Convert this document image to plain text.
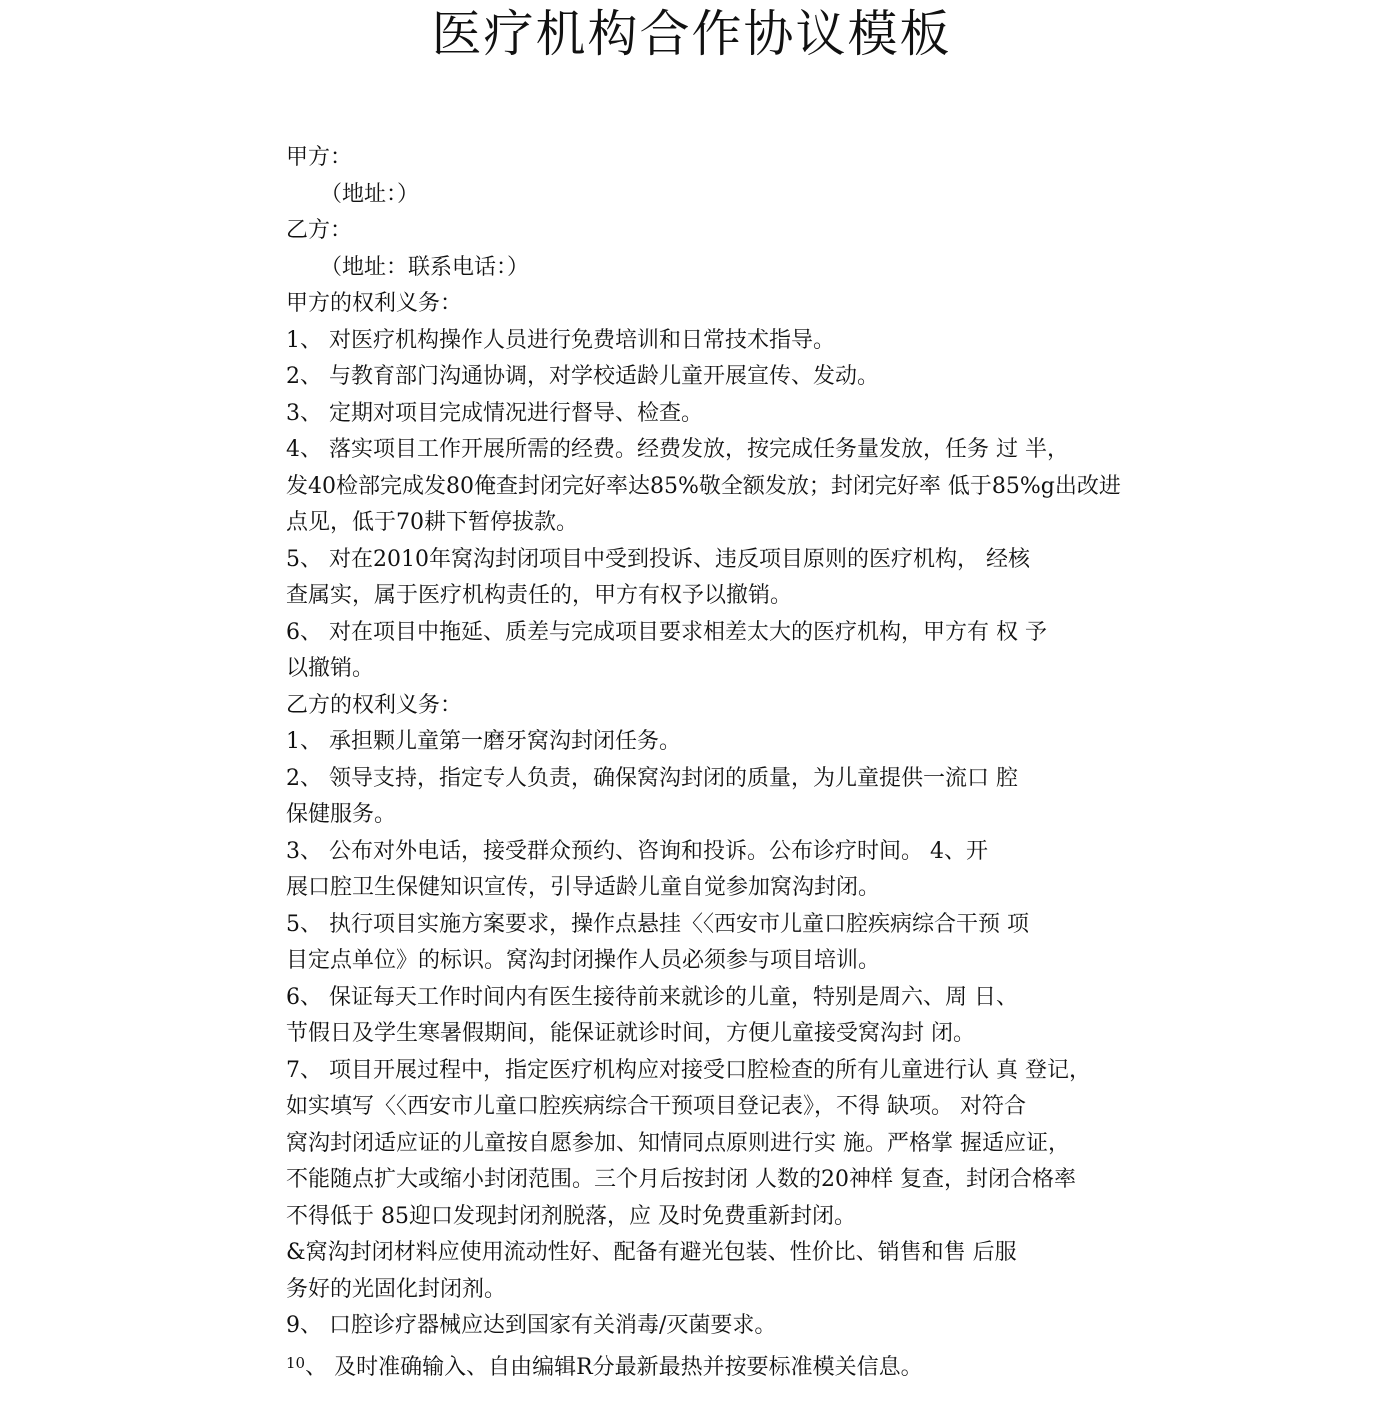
医疗机构合作协议模板
甲方：
（地址：）
乙方：
（地址：联系电话：）
甲方的权利义务：
1、 对医疗机构操作人员进行免费培训和日常技术指导。
2、 与教育部门沟通协调，对学校适龄儿童开展宣传、发动。
3、 定期对项目完成情况进行督导、检查。
4、 落实项目工作开展所需的经费。经费发放，按完成任务量发放，任务 过 半，
发40检部完成发80俺查封闭完好率达85%敬全额发放；封闭完好率 低于85%g出改进
点见，低于70耕下暂停拔款。
5、 对在2010年窝沟封闭项目中受到投诉、违反项目原则的医疗机构， 经核
查属实，属于医疗机构责任的，甲方有权予以撤销。
6、 对在项目中拖延、质差与完成项目要求相差太大的医疗机构，甲方有 权 予
以撤销。
乙方的权利义务：
1、 承担颗儿童第一磨牙窝沟封闭任务。
2、 领导支持，指定专人负责，确保窝沟封闭的质量，为儿童提供一流口 腔
保健服务。
3、 公布对外电话，接受群众预约、咨询和投诉。公布诊疗时间。 4、开
展口腔卫生保健知识宣传，引导适龄儿童自觉参加窝沟封闭。
5、 执行项目实施方案要求，操作点悬挂〈〈西安市儿童口腔疾病综合干预 项
目定点单位》的标识。窝沟封闭操作人员必须参与项目培训。
6、 保证每天工作时间内有医生接待前来就诊的儿童，特别是周六、周 日、
节假日及学生寒暑假期间，能保证就诊时间，方便儿童接受窝沟封 闭。
7、 项目开展过程中，指定医疗机构应对接受口腔检查的所有儿童进行认 真 登记，
如实填写〈〈西安市儿童口腔疾病综合干预项目登记表》，不得 缺项。 对符合
窝沟封闭适应证的儿童按自愿参加、知情同点原则进行实 施。严格掌 握适应证，
不能随点扩大或缩小封闭范围。三个月后按封闭 人数的20神样 复查，封闭合格率
不得低于 85迎口发现封闭剂脱落，应 及时免费重新封闭。
&窝沟封闭材料应使用流动性好、配备有避光包装、性价比、销售和售 后服
务好的光固化封闭剂。
9、 口腔诊疗器械应达到国家有关消毒/灭菌要求。
$^{10}$、 及时准确输入、自由编辑R分最新最热并按要标准模关信息。
